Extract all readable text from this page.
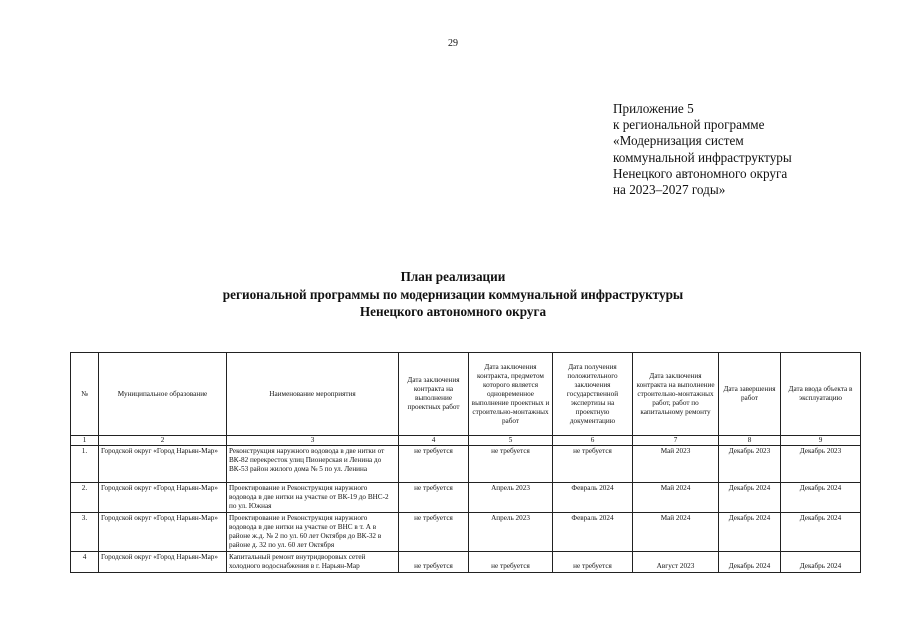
29
Приложение 5
к региональной программе
«Модернизация систем
коммунальной инфраструктуры
Ненецкого автономного округа
на 2023–2027 годы»
План реализации
региональной программы по модернизации коммунальной инфраструктуры
Ненецкого автономного округа
№	Муниципальное образование	Наименование мероприятия	Дата заключения контракта на выполнение проектных работ	Дата заключения контракта, предметом которого является одновременное выполнение проектных и строительно-монтажных работ	Дата получения положительного заключения государственной экспертизы на проектную документацию	Дата заключения контракта на выполнение строительно-монтажных работ, работ по капитальному ремонту	Дата завершения работ	Дата ввода объекта в эксплуатацию
1	2	3	4	5	6	7	8	9
1.	Городской округ «Город Нарьян-Мар»	Реконструкция наружного водовода в две нитки от ВК-82 перекресток улиц Пионерская и Ленина до ВК-53 район жилого дома № 5 по ул. Ленина	не требуется	не требуется	не требуется	Май 2023	Декабрь 2023	Декабрь 2023
2.	Городской округ «Город Нарьян-Мар»	Проектирование и Реконструкция наружного водовода в две нитки на участке от ВК-19 до ВНС-2 по ул. Южная	не требуется	Апрель 2023	Февраль 2024	Май 2024	Декабрь 2024	Декабрь 2024
3.	Городской округ «Город Нарьян-Мар»	Проектирование и Реконструкция наружного водовода в две нитки на участке от ВНС в т. А в районе ж.д. № 2 по ул. 60 лет Октября до ВК-32 в районе д. 32 по ул. 60 лет Октября	не требуется	Апрель 2023	Февраль 2024	Май 2024	Декабрь 2024	Декабрь 2024
4	Городской округ «Город Нарьян-Мар»	Капитальный ремонт внутридворовых сетей холодного водоснабжения в г. Нарьян-Мар	не требуется	не требуется	не требуется	Август 2023	Декабрь 2024	Декабрь 2024
